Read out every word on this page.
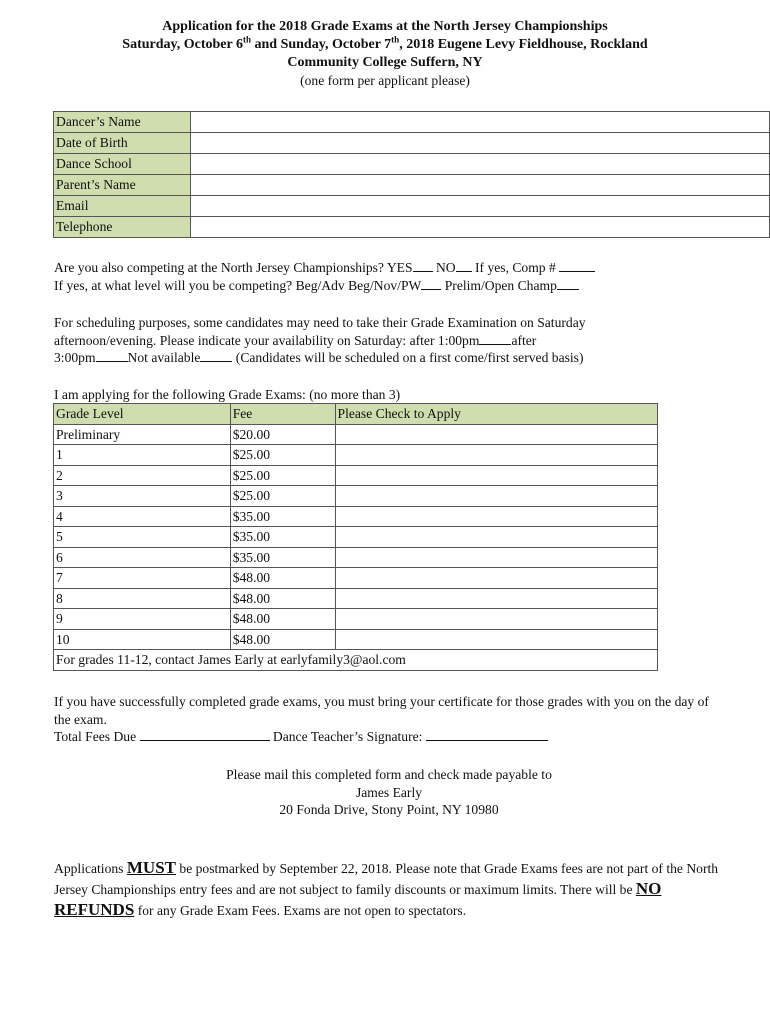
Application for the 2018 Grade Exams at the North Jersey Championships
Saturday, October 6th and Sunday, October 7th, 2018 Eugene Levy Fieldhouse, Rockland
Community College Suffern, NY
(one form per applicant please)
Dancer’s Name	
Date of Birth	
Dance School	
Parent’s Name	
Email	
Telephone	
Are you also competing at the North Jersey Championships? YES NO If yes, Comp #
If yes, at what level will you be competing? Beg/Adv Beg/Nov/PW Prelim/Open Champ
For scheduling purposes, some candidates may need to take their Grade Examination on Saturday
afternoon/evening. Please indicate your availability on Saturday: after 1:00pm after
3:00pm Not available (Candidates will be scheduled on a first come/first served basis)
I am applying for the following Grade Exams: (no more than 3)
Grade Level	Fee	Please Check to Apply
Preliminary	$20.00	
1	$25.00	
2	$25.00	
3	$25.00	
4	$35.00	
5	$35.00	
6	$35.00	
7	$48.00	
8	$48.00	
9	$48.00	
10	$48.00	
For grades 11-12, contact James Early at earlyfamily3@aol.com		
If you have successfully completed grade exams, you must bring your certificate for those grades with you on the day of the exam.
Total Fees Due	Dance Teacher’s Signature:
Please mail this completed form and check made payable to
James Early
20 Fonda Drive, Stony Point, NY 10980
Applications MUST be postmarked by September 22, 2018. Please note that Grade Exams fees are not part of the North Jersey Championships entry fees and are not subject to family discounts or maximum limits. There will be NO REFUNDS for any Grade Exam Fees. Exams are not open to spectators.
